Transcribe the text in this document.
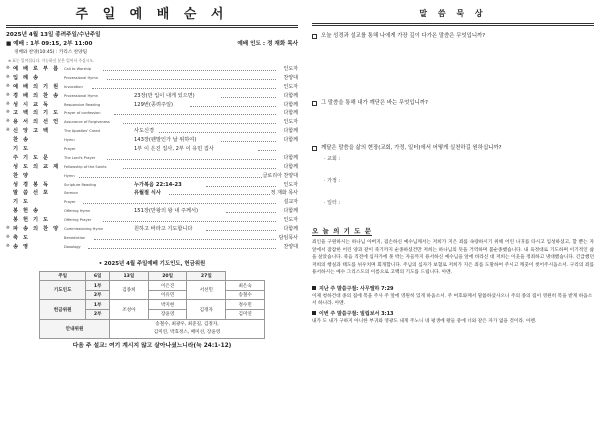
주 일 예 배 순 서
2025년 4월 13일 종려주일/수난주일
■ 예배 : 1부 09:15, 2부 11:00	예배 인도 : 정 재화 목사
경배와 찬양(10:45) : 카리스 찬양팀
※ 표는 일어섭니다. 가능하신 분은 일어서 주십시오.
※ 예 배 로 부 름 Call to Worship	인도자
※ 입 례 송	Processional Hymn	찬양대
※ 예 배 의 기 원 Invocation	인도자
※ 경 배 의 찬 송 Processional Hymn	23장(만 입이 내게 있으면)	다함께
※ 성 시 교 독	Responsive Reading	129번(종려주일)	다함께
※ 고 백 의 기 도 Prayer of confession	다함께
※ 용 서 의 선 언 Assurance of Forgiveness	인도자
※ 신 앙 고 백	The Apostles' Creed	사도신경	다함께
찬 송	Hymn	143장(웬말인가 날 위하여)	다함께
기 도	Prayer	1부 이 은진 집사, 2부 이 유민 집사
주 기 도 문	The Lord's Prayer	다함께
성 도 의 교 제 Fellowship of the Saints	다함께
찬 양	Hymn	글로리아 찬양대
성 경 봉 독	Scripture Reading	누가복음 22:14-23	인도자
말 씀 선 포	Sermon	유월절 식사	정 재화 목사
기 도	Prayer	설교자
봉 헌 송	Offering Hymn	151장(만왕의 왕 내 주께서)	다함께
봉 헌 기 도	Offering Prayer	인도자
※ 파 송 의 찬 양 Commissioning Hymn	원하고 바라고 기도합니다	다함께
※ 축 도	Benediction	담임목사
※ 송 영	Doxology	찬양대
• 2025년 4월 주일예배 기도인도, 헌금위원
주일	6일	13일	20일	27일	
기도인도	1부	김종희	이은진	서선민	최은숙
	2부		이유민		송철수
헌금위원	1부	조성아	박지현	김정자	정수민
	2부		장윤영		김미연
안내위원		송철수, 최광우, 최준길, 김정자,
김미연, 박효정스, 배미선, 장윤영			
다음 주 설교: 여기 계시지 않고 살아나셨느니라(눅 24:1-12)
말 씀 묵 상
오늘 성경과 설교를 통해 나에게 가장 깊이 다가온 말씀은 무엇입니까?
그 말씀을 통해 내가 깨닫은 바는 무엇입니까?
깨달은 말씀을 삶의 현장(교회, 가정, 일터)에서 어떻게 실천하길 원하십니까?
· 교회 :
· 가정 :
· 일터 :
오 늘 의 기 도 문
죄인을 구원하시는 하나님 아버지, 겸손하신 예수님께서는 저희가 지은 죄를 속량하시기 위해 어린 나귀를 타시고 입성하셨고, 할 뿐는 자 앞에서 잠잠한 어린 양과 같이 죽기까지 순종하셨건만 저희는 하나님의 뜻을 거역하며 불순종했습니다. 내 육정대로 기도하며 이기적인 삶을 살았습니다. 죽음 직전에 십자가에 못 박는 자들까지 용서하신 예수님을 앞에 바라신 대 저희는 이웃을 정죄하고 냉대했습니다. 긴급했던 저희의 행실과 태도를 뉘우치며 회개합니다. 주님의 십자가 보혈로 저희가 지은 죄를 도말하여 주시고 깨끗이 씻어주시옵소서. 구리의 죄를 용서하시는 예수 그리스도의 이름으로 고백의 기도를 드립니다. 아멘.
지난 주 말씀구절: 사무엘하 7:29
이제 청하건대 종의 집에 복을 주사 주 앞에 영원히 있게 하옵소서. 주 여호와께서 말씀하셨사오니 주의 종의 집이 영원히 복을 받게 하옵소서 하니라. 아멘.
이번 주 말씀구절: 빌립보서 3:13
내가 도 내가 구하지 아니한 부귀와 영광도 내게 주노니 네 평생에 왕들 중에 너와 같은 자가 없을 것이라. 아멘.
